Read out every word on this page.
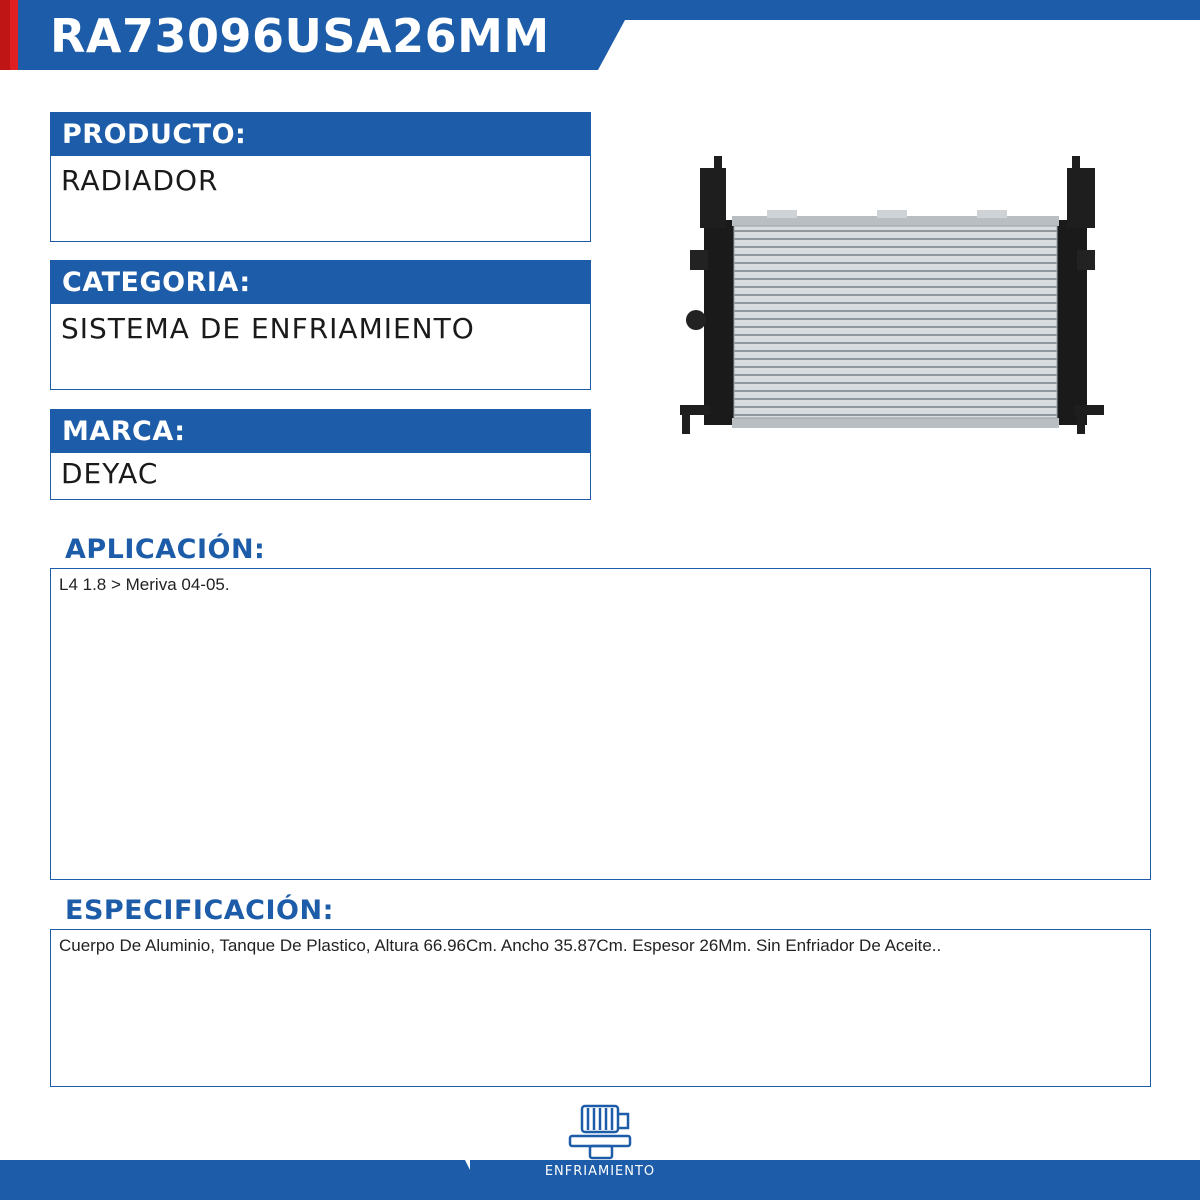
RA73096USA26MM
PRODUCTO:
RADIADOR
CATEGORIA:
SISTEMA DE ENFRIAMIENTO
MARCA:
DEYAC
APLICACIÓN:
L4 1.8 > Meriva 04-05.
ESPECIFICACIÓN:
Cuerpo De Aluminio, Tanque De Plastico, Altura 66.96Cm. Ancho 35.87Cm. Espesor 26Mm. Sin Enfriador De Aceite..
ENFRIAMIENTO
